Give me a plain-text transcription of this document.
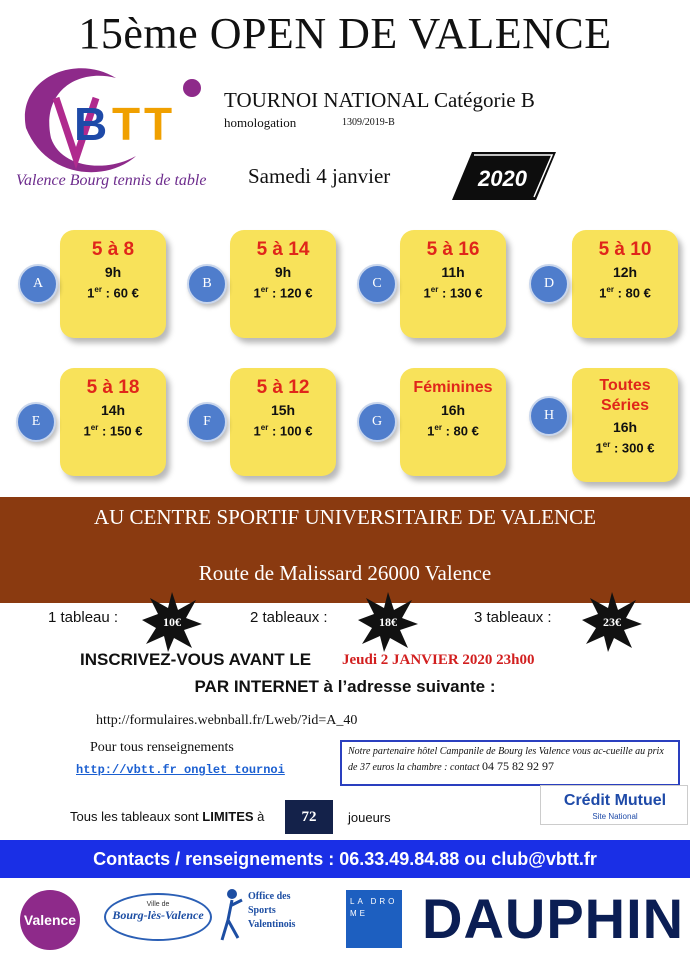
15ème OPEN DE VALENCE
B T T
Valence Bourg tennis de table
TOURNOI NATIONAL Catégorie B
homologation	1309/2019-B
Samedi 4 janvier	2020
5 à 8
9h
1er : 60 €
A
5 à 14
9h
1er : 120 €
B
5 à 16
11h
1er : 130 €
C
5 à 10
12h
1er : 80 €
D
5 à 18
14h
1er : 150 €
E
5 à 12
15h
1er : 100 €
F
Féminines
16h
1er : 80 €
G
Toutes
Séries
16h
1er : 300 €
H
AU CENTRE SPORTIF UNIVERSITAIRE DE VALENCE
Route de Malissard 26000 Valence
1 tableau :	10€	2 tableaux :	18€	3 tableaux :	23€
INSCRIVEZ-VOUS AVANT LE Jeudi 2 JANVIER 2020 23h00
PAR INTERNET à l’adresse suivante :
http://formulaires.webnball.fr/Lweb/?id=A_40
Pour tous renseignements
http://vbtt.fr onglet tournoi
Notre partenaire hôtel Campanile de Bourg les Valence vous ac-cueille au prix de 37 euros la chambre : contact 04 75 82 92 97
Tous les tableaux sont LIMITES à	72	joueurs
Crédit Mutuel
Site National
Contacts / renseignements : 06.33.49.84.88 ou club@vbtt.fr
Valence
Ville de
Bourg-lès-Valence
Office des
Sports
Valentinois
LA DRO ME DAUPHIN
